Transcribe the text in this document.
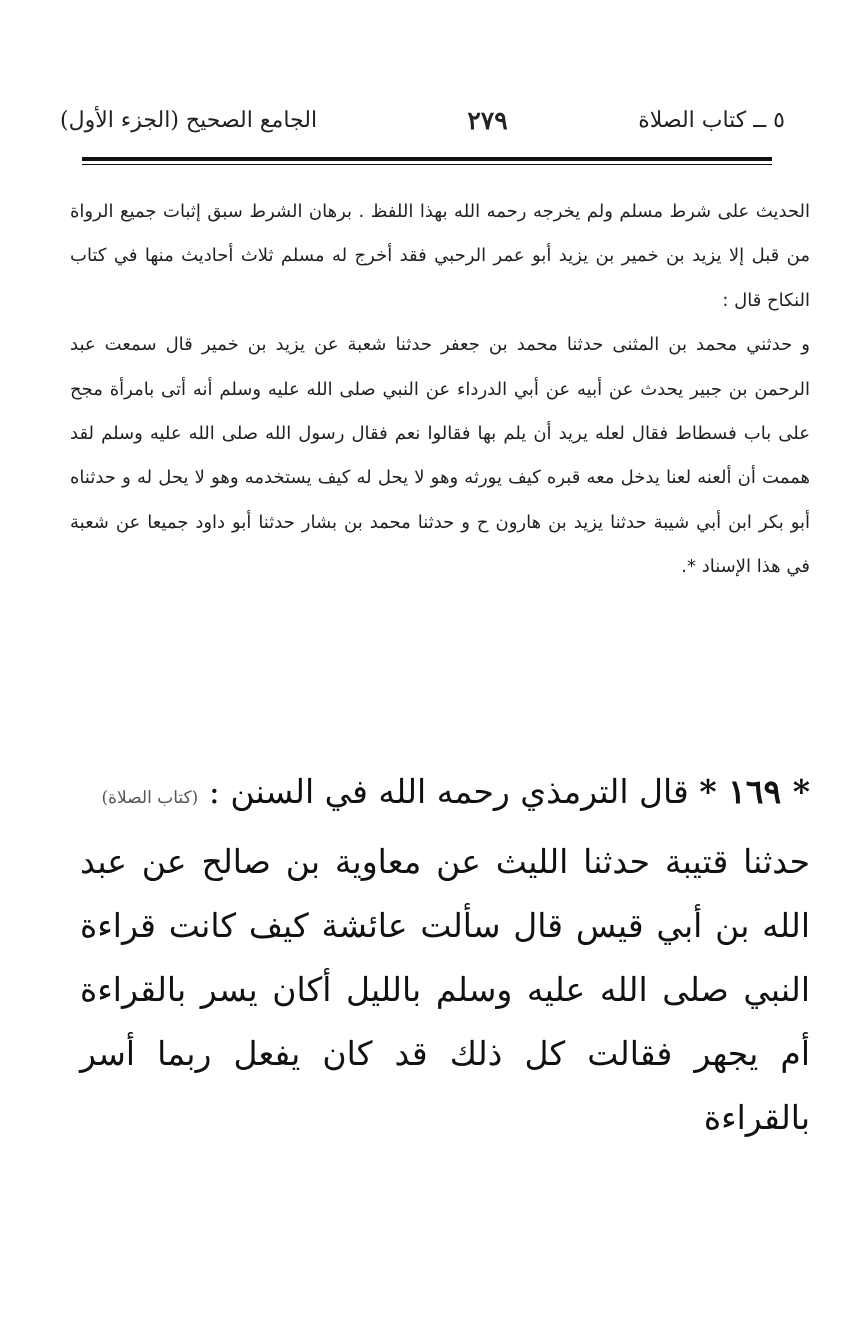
٥ ــ كتاب الصلاة
٢٧٩
الجامع الصحيح (الجزء الأول)

الحديث على شرط مسلم ولم يخرجه رحمه الله بهذا اللفظ . برهان الشرط سبق إثبات جميع الرواة من قبل إلا يزيد بن خمير بن يزيد أبو عمر الرحبي فقد أخرج له مسلم ثلاث أحاديث منها في كتاب النكاح قال :

و حدثني محمد بن المثنى حدثنا محمد بن جعفر حدثنا شعبة عن يزيد بن خمير قال سمعت عبد الرحمن بن جبير يحدث عن أبيه عن أبي الدرداء عن النبي صلى الله عليه وسلم أنه أتى بامرأة مجح على باب فسطاط فقال لعله يريد أن يلم بها فقالوا نعم فقال رسول الله صلى الله عليه وسلم لقد هممت أن ألعنه لعنا يدخل معه قبره كيف يورثه وهو لا يحل له كيف يستخدمه وهو لا يحل له و حدثناه أبو بكر ابن أبي شيبة حدثنا يزيد بن هارون ح و حدثنا محمد بن بشار حدثنا أبو داود جميعا عن شعبة في هذا الإسناد *.

* ١٦٩ * قال الترمذي رحمه الله في السنن : (كتاب الصلاة)

حدثنا قتيبة حدثنا الليث عن معاوية بن صالح عن عبد الله بن أبي قيس قال سألت عائشة كيف كانت قراءة النبي صلى الله عليه وسلم بالليل أكان يسر بالقراءة أم يجهر فقالت كل ذلك قد كان يفعل ربما أسر بالقراءة
